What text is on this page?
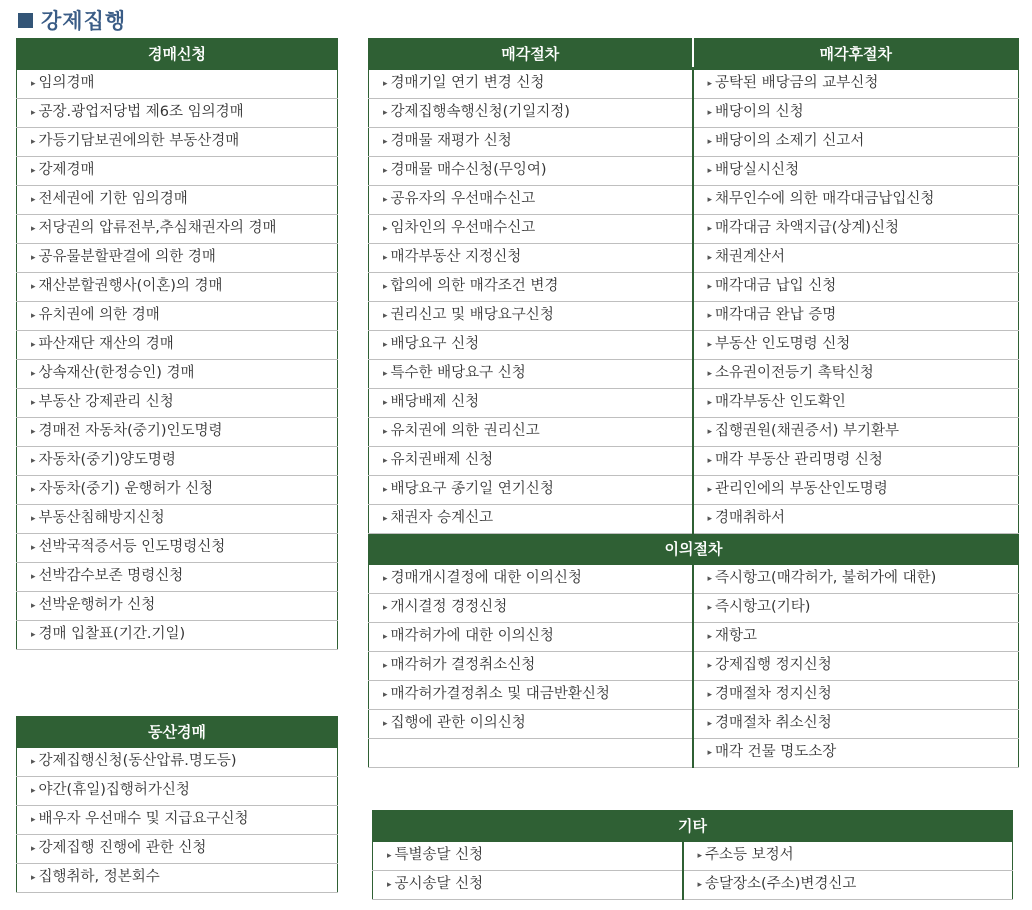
강제집행
경매신청
▸ 임의경매
▸ 공장.광업저당법 제6조 임의경매
▸ 가등기담보권에의한 부동산경매
▸ 강제경매
▸ 전세권에 기한 임의경매
▸ 저당권의 압류전부,추심채권자의 경매
▸ 공유물분할판결에 의한 경매
▸ 재산분할권행사(이혼)의 경매
▸ 유치권에 의한 경매
▸ 파산재단 재산의 경매
▸ 상속재산(한정승인) 경매
▸ 부동산 강제관리 신청
▸ 경매전 자동차(중기)인도명령
▸ 자동차(중기)양도명령
▸ 자동차(중기) 운행허가 신청
▸ 부동산침해방지신청
▸ 선박국적증서등 인도명령신청
▸ 선박감수보존 명령신청
▸ 선박운행허가 신청
▸ 경매 입찰표(기간.기일)
동산경매
▸ 강제집행신청(동산압류.명도등)
▸ 야간(휴일)집행허가신청
▸ 배우자 우선매수 및 지급요구신청
▸ 강제집행 진행에 관한 신청
▸ 집행취하, 정본회수
매각절차	매각후절차
▸ 경매기일 연기 변경 신청	▸ 공탁된 배당금의 교부신청
▸ 강제집행속행신청(기일지정)	▸ 배당이의 신청
▸ 경매물 재평가 신청	▸ 배당이의 소제기 신고서
▸ 경매물 매수신청(무잉여)	▸ 배당실시신청
▸ 공유자의 우선매수신고	▸ 채무인수에 의한 매각대금납입신청
▸ 임차인의 우선매수신고	▸ 매각대금 차액지급(상계)신청
▸ 매각부동산 지정신청	▸ 채권계산서
▸ 합의에 의한 매각조건 변경	▸ 매각대금 납입 신청
▸ 권리신고 및 배당요구신청	▸ 매각대금 완납 증명
▸ 배당요구 신청	▸ 부동산 인도명령 신청
▸ 특수한 배당요구 신청	▸ 소유권이전등기 촉탁신청
▸ 배당배제 신청	▸ 매각부동산 인도확인
▸ 유치권에 의한 권리신고	▸ 집행권원(채권증서) 부기환부
▸ 유치권배제 신청	▸ 매각 부동산 관리명령 신청
▸ 배당요구 종기일 연기신청	▸ 관리인에의 부동산인도명령
▸ 채권자 승계신고	▸ 경매취하서
이의절차	
▸ 경매개시결정에 대한 이의신청	▸ 즉시항고(매각허가, 불허가에 대한)
▸ 개시결정 경정신청	▸ 즉시항고(기타)
▸ 매각허가에 대한 이의신청	▸ 재항고
▸ 매각허가 결정취소신청	▸ 강제집행 정지신청
▸ 매각허가결정취소 및 대금반환신청	▸ 경매절차 정지신청
▸ 집행에 관한 이의신청	▸ 경매절차 취소신청
	▸ 매각 건물 명도소장
기타	
▸ 특별송달 신청	▸ 주소등 보정서
▸ 공시송달 신청	▸ 송달장소(주소)변경신고
